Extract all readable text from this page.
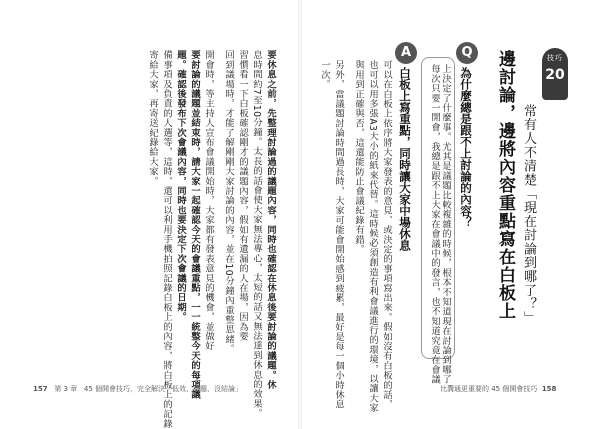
技巧
20
常有人不清楚「現在討論到哪了？」
邊討論，邊將內容重點寫在白板上
Q
為什麼總是跟不上討論的內容？
每次只要一開會，我總是跟不上大家在會議中的發言，也不知道究竟在會議 上決定了什麼事。尤其是議題比較複雜的時候，根本不知道現在討論到哪了。
A
白板上寫重點，同時讓大家中場休息
可以在白板上依序將大家發表的意見、或決定的事項寫出來。假如沒有白板的話，
也可以用多張A3大小的紙來代替。這時候必須創造有利會議進行的環境，以讓大家
與用到正確與否，這還能防止會議紀錄有錯。
另外，當議題討論時間過長時，大家可能會開始感到疲累，最好是每一個小時休息
一次。
要休息之前，先整理討論過的議題內容，同時也確認在休息後要討論的議題。休
息時間約7至10分鐘。太長的話會使大家無法專心，太短的話又無法達到休息的效果。
習慣看一下白板確認剛才的議題內容，假如有遺漏的人在場，因為要
回到議場時，才能了解剛剛大家討論的內容，並在10分鐘內重整思緒。
開會時，等主持人宣布會議開始時，大家都有發表意見的機會，並做好
要討論的議題並結束時，請大家一起確認今天的會議重點，一一統整今天的每項議
題。確認後發布下次會議內容，同時也要決定下次會議的日期。
備事項及負責的人選等，這時，還可以利用手機拍照記錄白板上的內容，將白板上的記錄
寄給大家，再寄送紀錄給大家。
157 第 3 章 45 個開會技巧，完全解決「低效、離題、沒結論」	比溝通更重要的 45 個開會技巧 158
